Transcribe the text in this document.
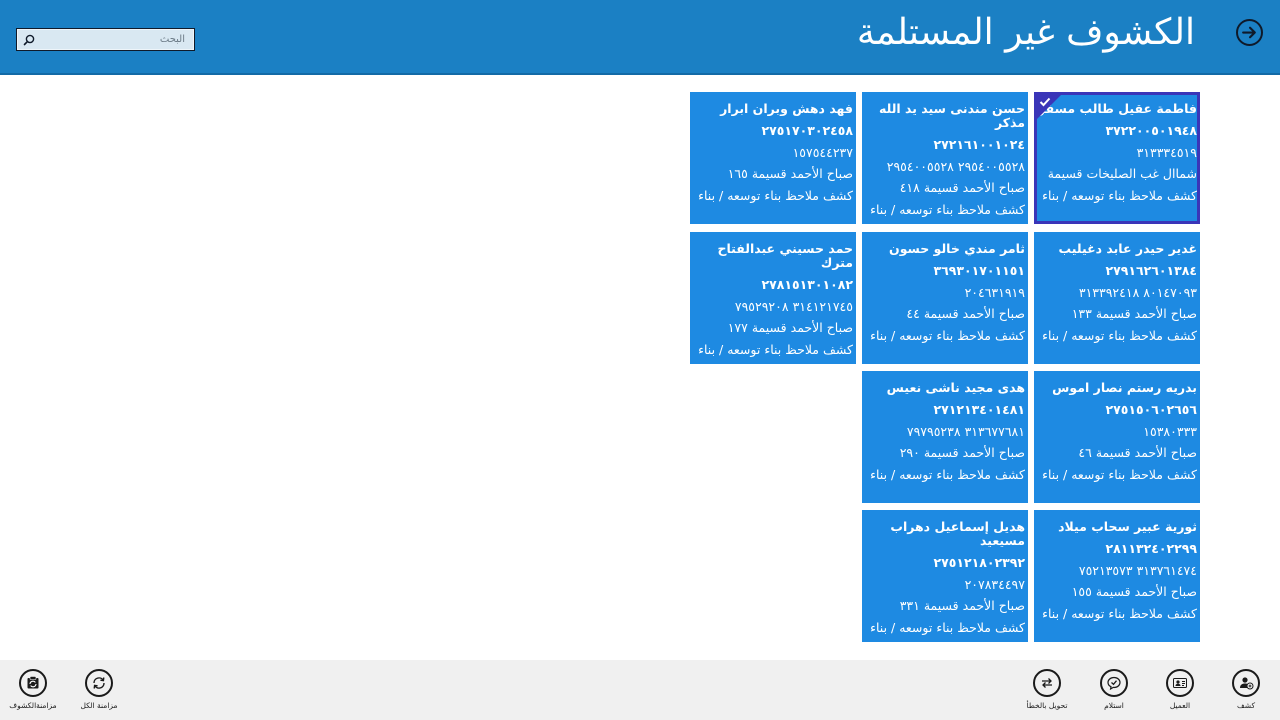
الكشوف غير المستلمة
البحث
فاطمة عقيل طالب مسفر
٣٧٢٢٠٠٥٠١٩٤٨
٣١٣٣٣٤٥١٩
شماال غب الصليخات قسيمة
كشف ملاحظ بناء توسعه / بناء
غدير حيدر عابد دغيليب
٢٧٩١٦٢٦٠١٣٨٤
٨٠١٤٧٠٩٣ ٣١٣٣٩٢٤١٨
صباح الأحمد قسيمة ١٣٣
كشف ملاحظ بناء توسعه / بناء
بدريه رستم نصار اموس
٢٧٥١٥٠٦٠٢٦٥٦
١٥٣٨٠٣٣٣
صباح الأحمد قسيمة ٤٦
كشف ملاحظ بناء توسعه / بناء
ثورية عبير سحاب ميلاد
٢٨١١٣٢٤٠٢٢٩٩
٣١٣٧٦١٤٧٤ ٧٥٢١٣٥٧٣
صباح الأحمد قسيمة ١٥٥
كشف ملاحظ بناء توسعه / بناء
حسن مندنى سيد يد الله مذكر
٢٧٢١٦١٠٠١٠٢٤
٢٩٥٤٠٠٥٥٢٨ ٢٩٥٤٠٠٥٥٢٨
صباح الأحمد قسيمة ٤١٨
كشف ملاحظ بناء توسعه / بناء
ثامر مندي خالو حسون
٣٦٩٣٠١٧٠١١٥١
٢٠٤٦٣١٩١٩
صباح الأحمد قسيمة ٤٤
كشف ملاحظ بناء توسعه / بناء
هدى مجيد ناشى نعيس
٢٧١٢١٣٤٠١٤٨١
٣١٣٦٧٧٦٨١ ٧٩٧٩٥٢٣٨
صباح الأحمد قسيمة ٢٩٠
كشف ملاحظ بناء توسعه / بناء
هديل إسماعيل دهراب مسيعيد
٢٧٥١٢١٨٠٢٣٩٢
٢٠٧٨٣٤٤٩٧
صباح الأحمد قسيمة ٣٣١
كشف ملاحظ بناء توسعه / بناء
فهد دهش وبران ابرار
٢٧٥١٧٠٣٠٢٤٥٨
١٥٧٥٤٤٢٣٧
صباح الأحمد قسيمة ١٦٥
كشف ملاحظ بناء توسعه / بناء
حمد حسيني عبدالفتاح مترك
٢٧٨١٥١٣٠١٠٨٢
٣١٤١٢١٧٤٥ ٧٩٥٢٩٢٠٨
صباح الأحمد قسيمة ١٧٧
كشف ملاحظ بناء توسعه / بناء
كشف
العميل
استلام
تحويل بالخطأ
مزامنة الكل
مزامنةالكشوف
